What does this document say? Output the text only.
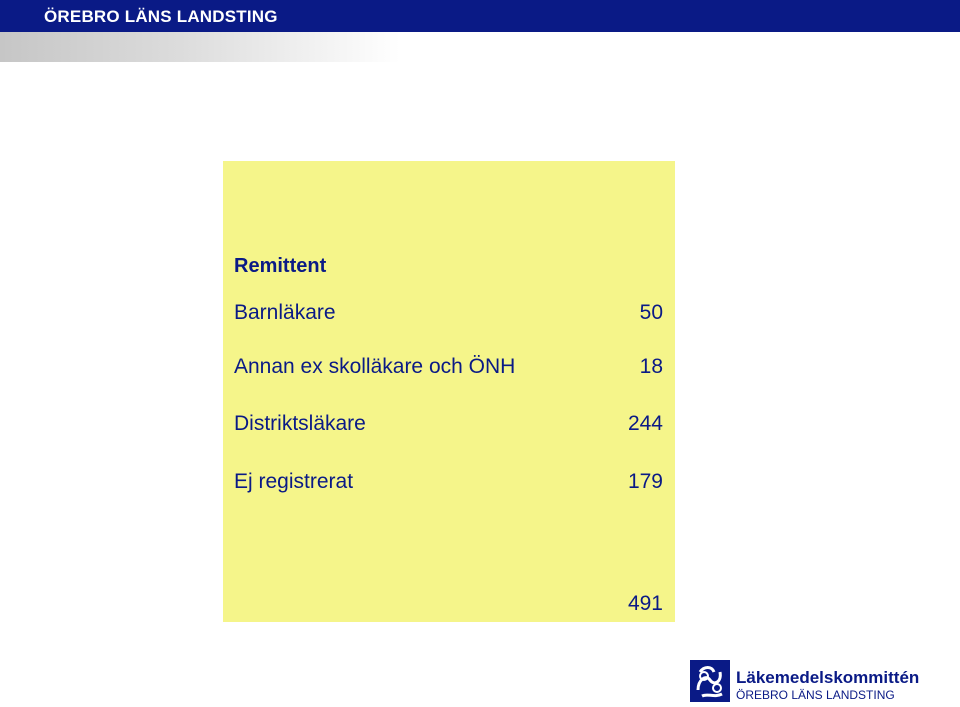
ÖREBRO LÄNS LANDSTING
Remittent
Barnläkare	50
Annan ex skolläkare och ÖNH	18
Distriktsläkare	244
Ej registrerat	179
491
Läkemedelskommittén
ÖREBRO LÄNS LANDSTING
